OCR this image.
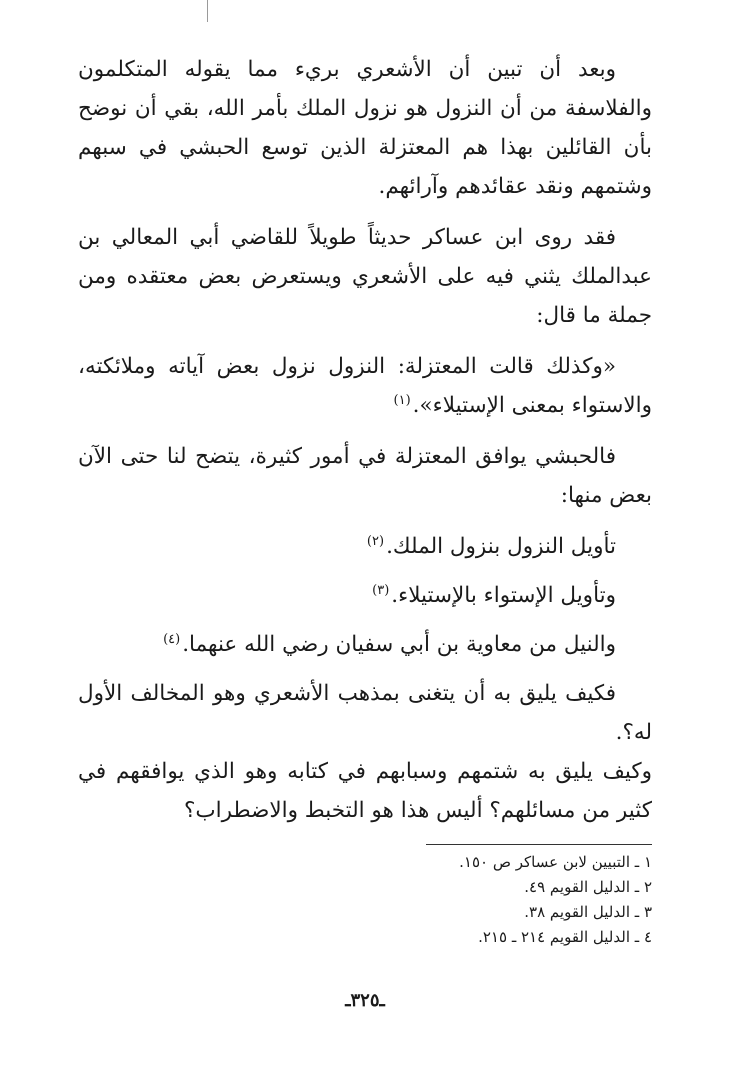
وبعد أن تبين أن الأشعري بريء مما يقوله المتكلمون والفلاسفة من أن النزول هو نزول الملك بأمر الله، بقي أن نوضح بأن القائلين بهذا هم المعتزلة الذين توسع الحبشي في سبهم وشتمهم ونقد عقائدهم وآرائهم.

فقد روى ابن عساكر حديثاً طويلاً للقاضي أبي المعالي بن عبدالملك يثني فيه على الأشعري ويستعرض بعض معتقده ومن جملة ما قال:

«وكذلك قالت المعتزلة: النزول نزول بعض آياته وملائكته، والاستواء بمعنى الإستيلاء».$^{(١)}$

فالحبشي يوافق المعتزلة في أمور كثيرة، يتضح لنا حتى الآن بعض منها:

تأويل النزول بنزول الملك.$^{(٢)}$
وتأويل الإستواء بالإستيلاء.$^{(٣)}$
والنيل من معاوية بن أبي سفيان رضي الله عنهما.$^{(٤)}$

فكيف يليق به أن يتغنى بمذهب الأشعري وهو المخالف الأول له؟.

وكيف يليق به شتمهم وسبابهم في كتابه وهو الذي يوافقهم في كثير من مسائلهم؟ أليس هذا هو التخبط والاضطراب؟

١ ـ التبيين لابن عساكر ص ١٥٠.
٢ ـ الدليل القويم ٤٩.
٣ ـ الدليل القويم ٣٨.
٤ ـ الدليل القويم ٢١٤ ـ ٢١٥.
ـ٣٢٥ـ
